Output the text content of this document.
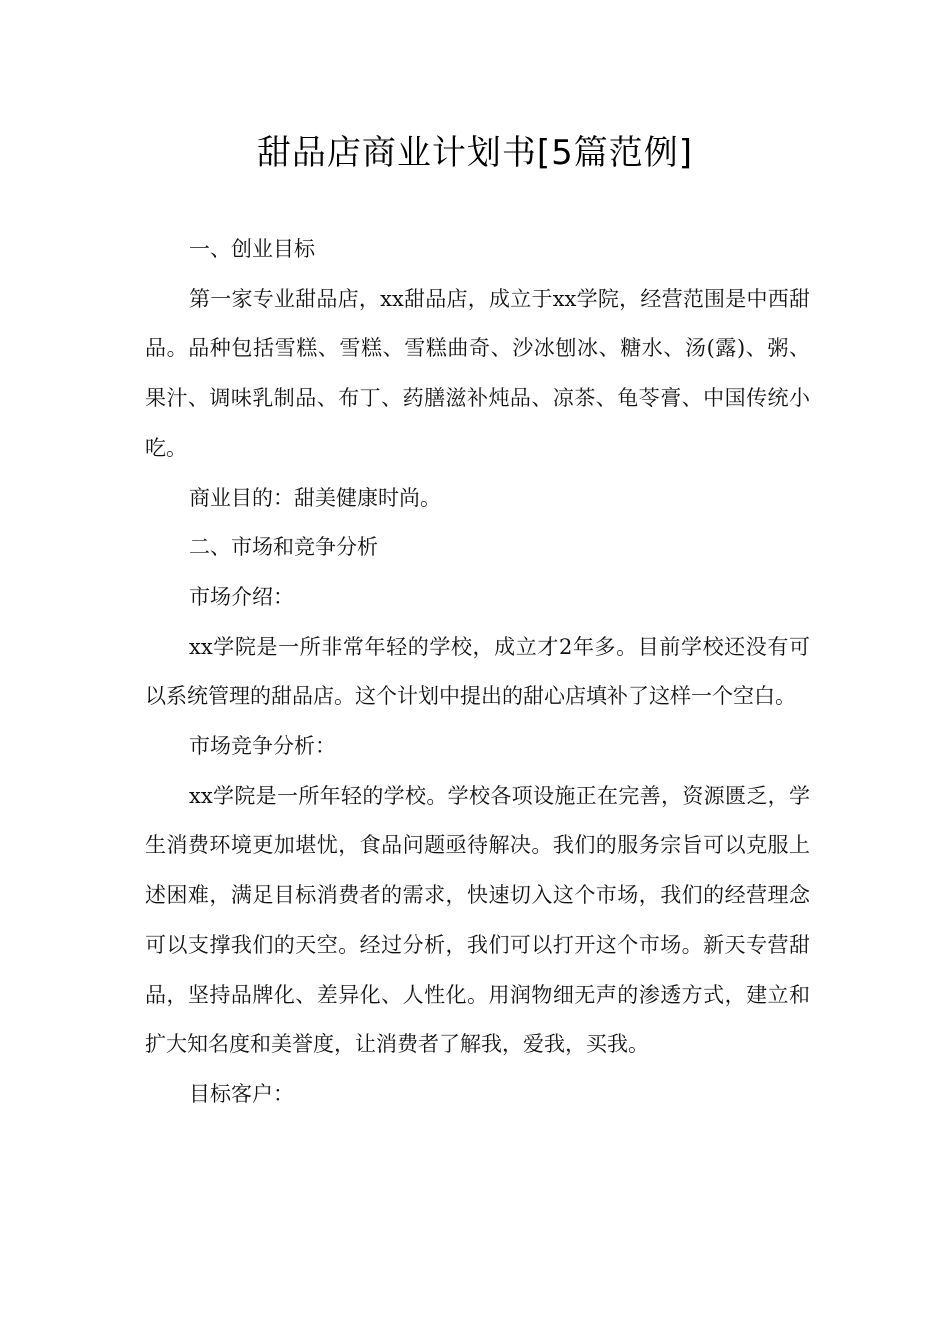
甜品店商业计划书[5篇范例]

一、创业目标

第一家专业甜品店，xx甜品店，成立于xx学院，经营范围是中西甜品。品种包括雪糕、雪糕、雪糕曲奇、沙冰刨冰、糖水、汤(露)、粥、果汁、调味乳制品、布丁、药膳滋补炖品、凉茶、龟苓膏、中国传统小吃。

商业目的：甜美健康时尚。

二、市场和竞争分析

市场介绍：

xx学院是一所非常年轻的学校，成立才2年多。目前学校还没有可以系统管理的甜品店。这个计划中提出的甜心店填补了这样一个空白。

市场竞争分析：

xx学院是一所年轻的学校。学校各项设施正在完善，资源匮乏，学生消费环境更加堪忧，食品问题亟待解决。我们的服务宗旨可以克服上述困难，满足目标消费者的需求，快速切入这个市场，我们的经营理念可以支撑我们的天空。经过分析，我们可以打开这个市场。新天专营甜品，坚持品牌化、差异化、人性化。用润物细无声的渗透方式，建立和扩大知名度和美誉度，让消费者了解我，爱我，买我。

目标客户：
